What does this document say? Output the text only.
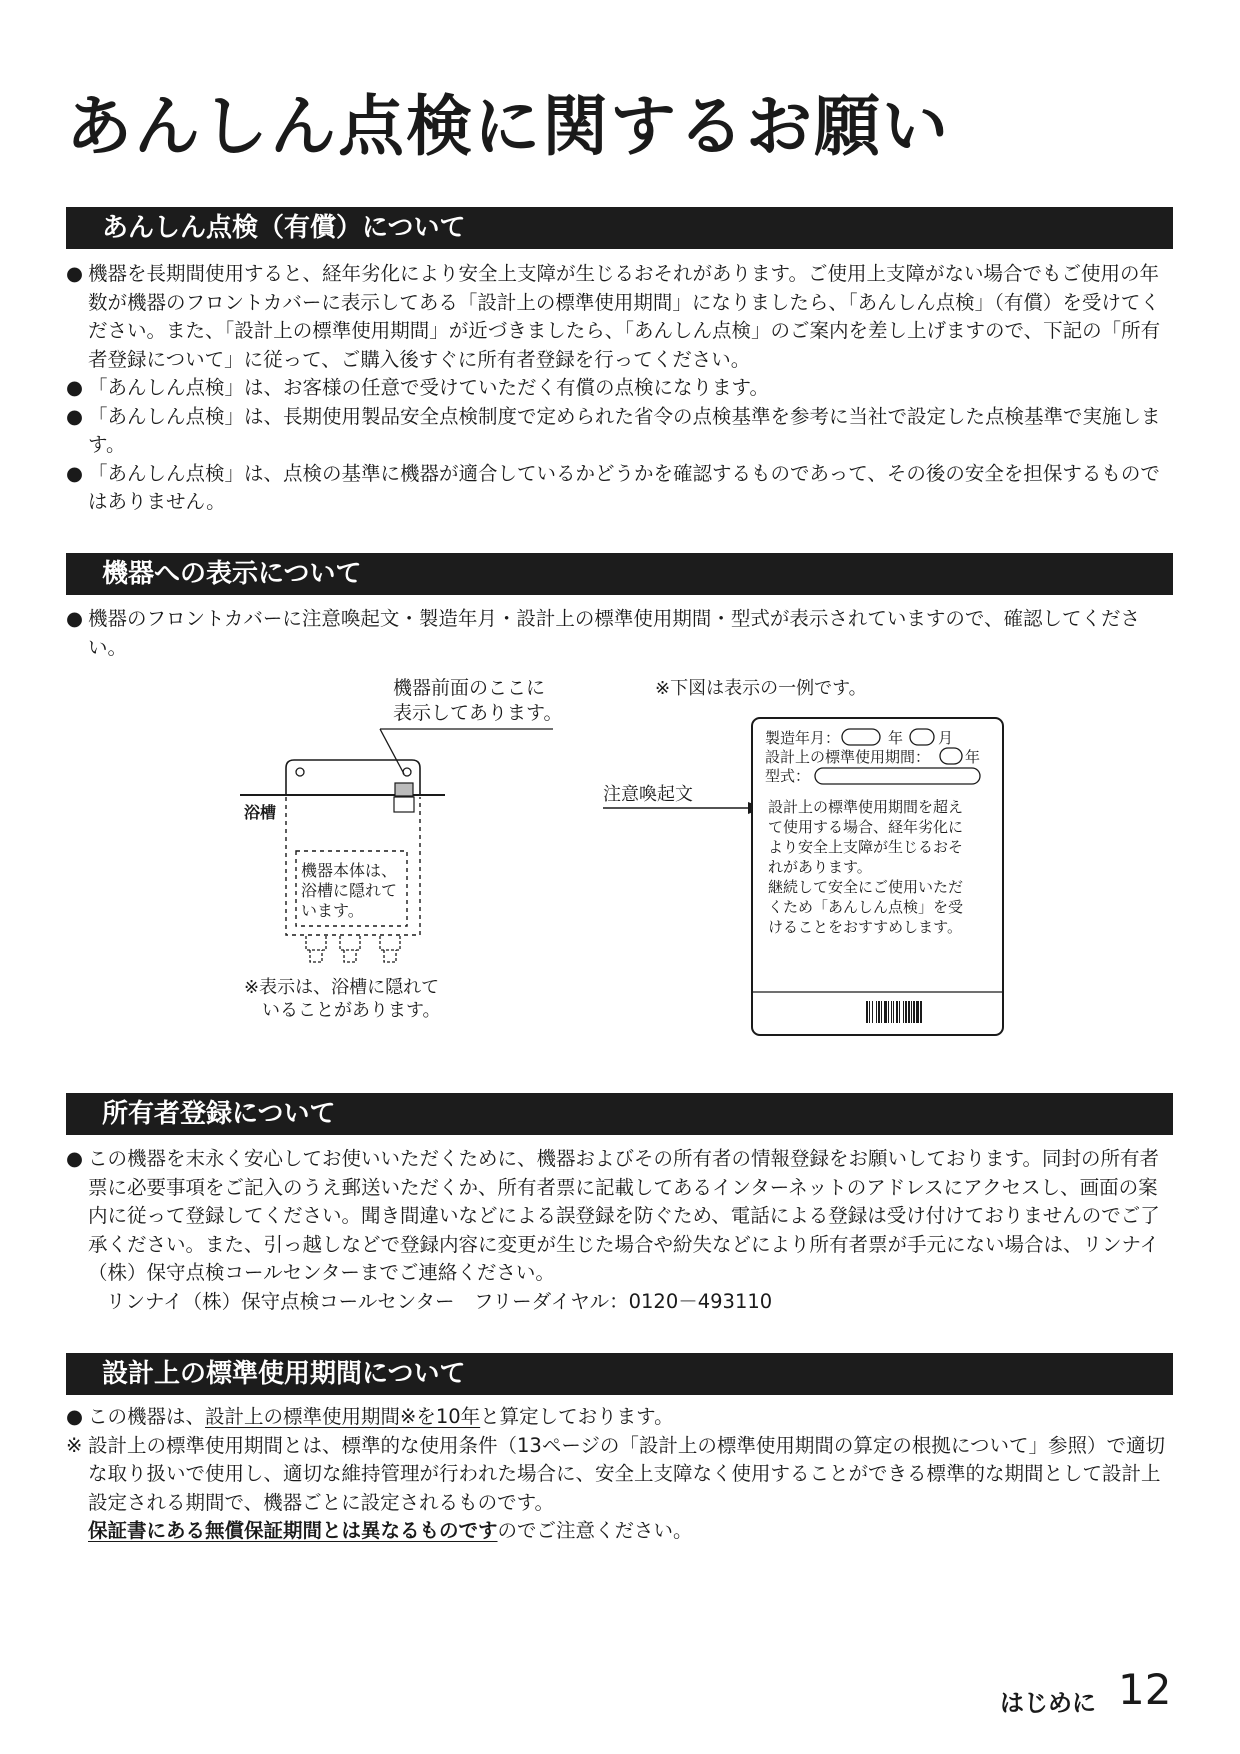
あんしん点検に関するお願い
あんしん点検（有償）について

● 機器を長期間使用すると、経年劣化により安全上支障が生じるおそれがあります。ご使用上支障がない場合でもご使用の年数が機器のフロントカバーに表示してある「設計上の標準使用期間」になりましたら、「あんしん点検」（有償）を受けてください。また、「設計上の標準使用期間」が近づきましたら、「あんしん点検」のご案内を差し上げますので、下記の「所有者登録について」に従って、ご購入後すぐに所有者登録を行ってください。

● 「あんしん点検」は、お客様の任意で受けていただく有償の点検になります。

● 「あんしん点検」は、長期使用製品安全点検制度で定められた省令の点検基準を参考に当社で設定した点検基準で実施します。

● 「あんしん点検」は、点検の基準に機器が適合しているかどうかを確認するものであって、その後の安全を担保するものではありません。

機器への表示について

● 機器のフロントカバーに注意喚起文・製造年月・設計上の標準使用期間・型式が表示されていますので、確認してください。

機器前面のここに
表示してあります。
浴槽
機器本体は、
浴槽に隠れて
います。
※表示は、浴槽に隠れて
いることがあります。
※下図は表示の一例です。
注意喚起文
製造年月：	年 月
設計上の標準使用期間： 年
型式：
設計上の標準使用期間を超え
て使用する場合、経年劣化に
より安全上支障が生じるおそ
れがあります。
継続して安全にご使用いただ
くため「あんしん点検」を受
けることをおすすめします。
所有者登録について

● この機器を末永く安心してお使いいただくために、機器およびその所有者の情報登録をお願いしております。同封の所有者票に必要事項をご記入のうえ郵送いただくか、所有者票に記載してあるインターネットのアドレスにアクセスし、画面の案内に従って登録してください。聞き間違いなどによる誤登録を防ぐため、電話による登録は受け付けておりませんのでご了承ください。また、引っ越しなどで登録内容に変更が生じた場合や紛失などにより所有者票が手元にない場合は、リンナイ（株）保守点検コールセンターまでご連絡ください。

リンナイ（株）保守点検コールセンター　フリーダイヤル：0120－493110

設計上の標準使用期間について

● この機器は、設計上の標準使用期間※を10年と算定しております。

※ 設計上の標準使用期間とは、標準的な使用条件（13ページの「設計上の標準使用期間の算定の根拠について」参照）で適切な取り扱いで使用し、適切な維持管理が行われた場合に、安全上支障なく使用することができる標準的な期間として設計上設定される期間で、機器ごとに設定されるものです。
保証書にある無償保証期間とは異なるものですのでご注意ください。

はじめに 12
